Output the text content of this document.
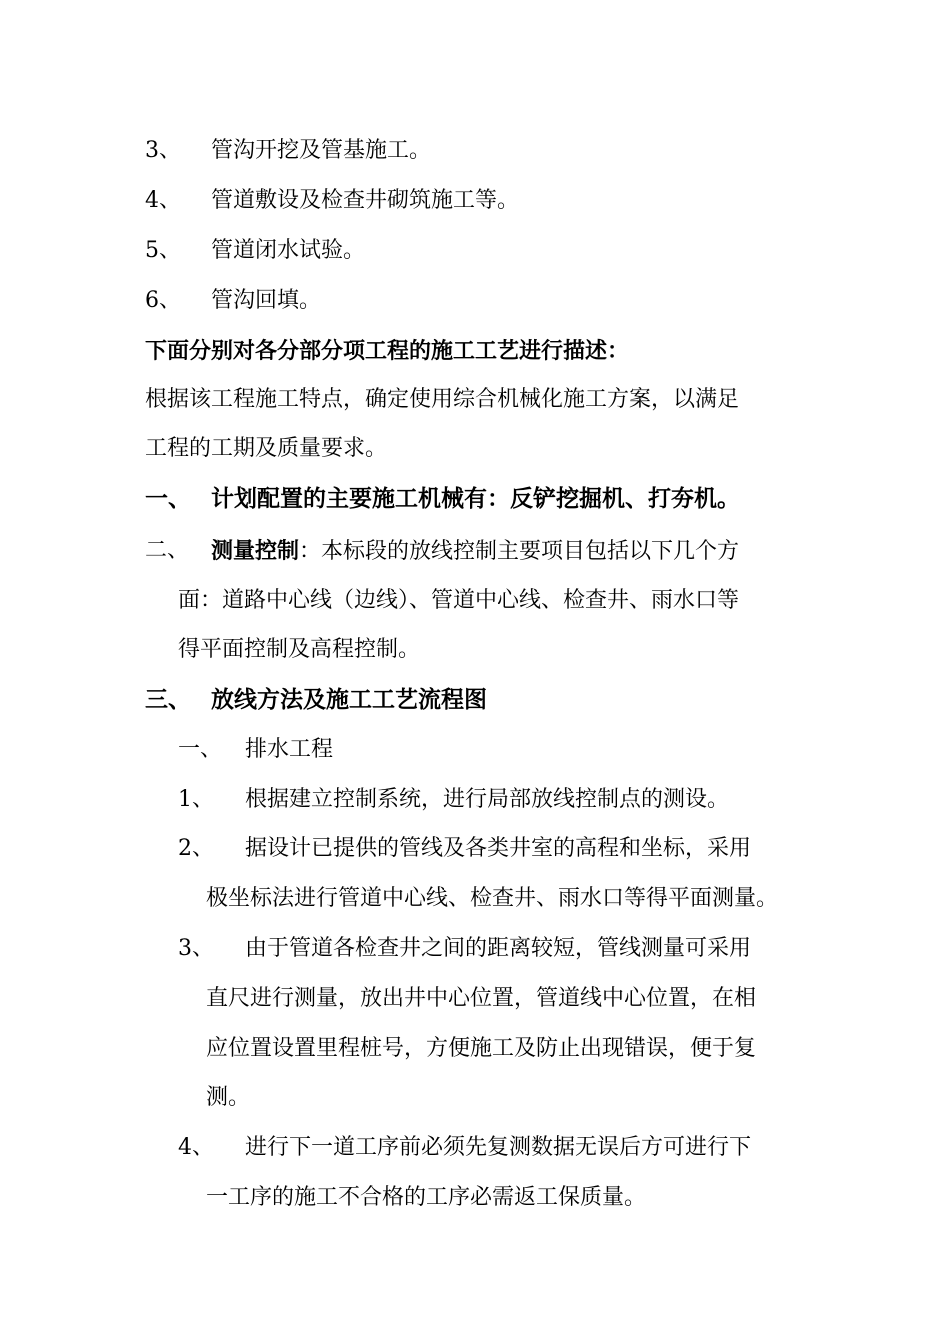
3、 管沟开挖及管基施工。
4、 管道敷设及检查井砌筑施工等。
5、 管道闭水试验。
6、 管沟回填。
下面分别对各分部分项工程的施工工艺进行描述：
根据该工程施工特点，确定使用综合机械化施工方案，以满足
工程的工期及质量要求。
一、 计划配置的主要施工机械有：反铲挖掘机、打夯机。
二、 测量控制：本标段的放线控制主要项目包括以下几个方
面：道路中心线（边线）、管道中心线、检查井、雨水口等
得平面控制及高程控制。
三、 放线方法及施工工艺流程图
一、 排水工程
1、 根据建立控制系统，进行局部放线控制点的测设。
2、 据设计已提供的管线及各类井室的高程和坐标，采用
极坐标法进行管道中心线、检查井、雨水口等得平面测量。
3、 由于管道各检查井之间的距离较短，管线测量可采用
直尺进行测量，放出井中心位置，管道线中心位置，在相
应位置设置里程桩号，方便施工及防止出现错误，便于复
测。
4、 进行下一道工序前必须先复测数据无误后方可进行下
一工序的施工不合格的工序必需返工保质量。
